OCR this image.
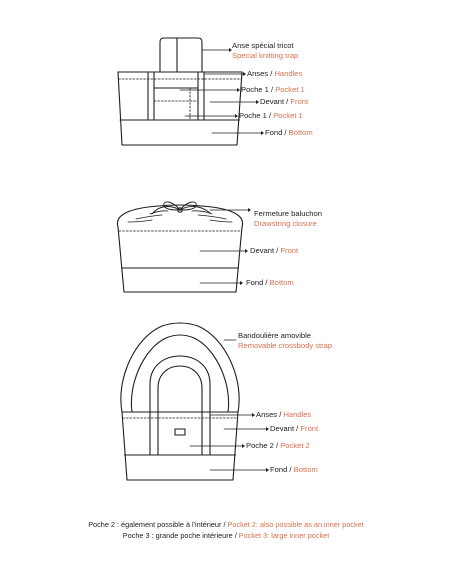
Anse spécial tricot
Special knitting trap
Anses / Handles
Poche 1 / Pocket 1
Devant / Front
Poche 1 / Pocket 1
Fond / Bottom
Fermeture baluchon
Drawstring closure
Devant / Front
Fond / Bottom
Bandoulière amovible
Removable crossbody strap
Anses / Handles
Devant / Front
Poche 2 / Pocket 2
Fond / Bottom
Poche 2 : également possible à l'intérieur / Pocket 2: also possible as an inner pocket
Poche 3 : grande poche intérieure / Pocket 3: large inner pocket
